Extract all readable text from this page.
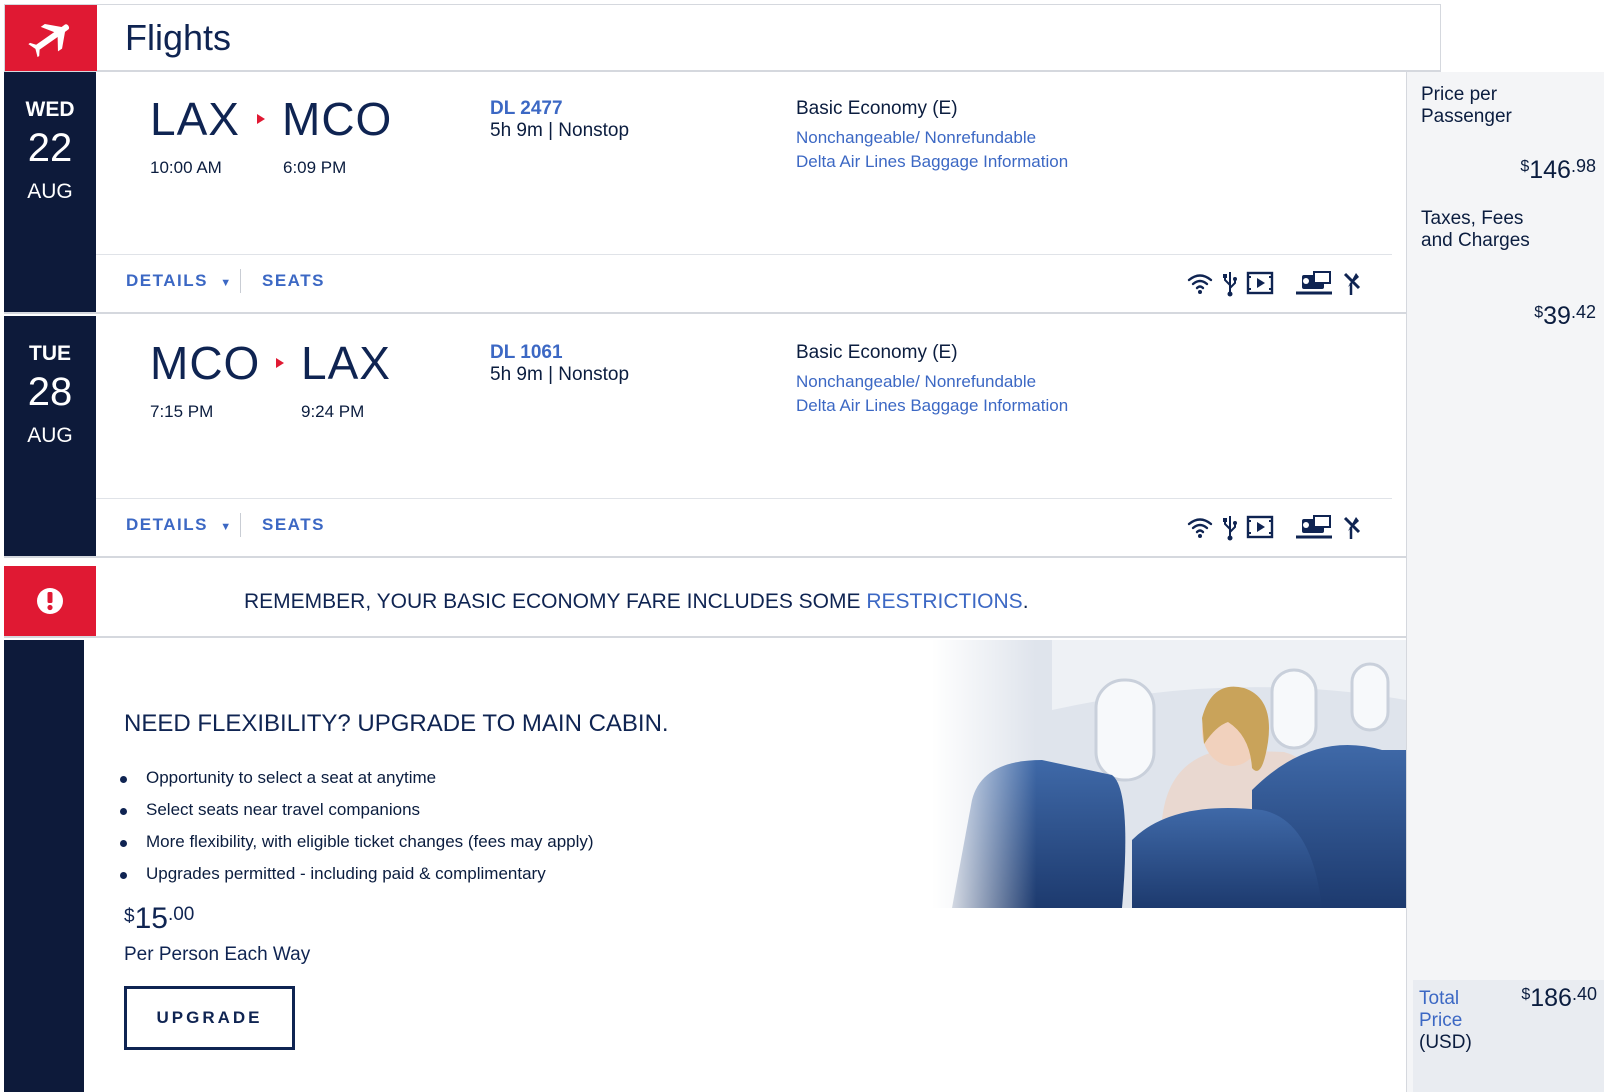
Flights
WED
22
AUG
LAX MCO
10:00 AM	6:09 PM
DL 2477
5h 9m | Nonstop
Basic Economy (E)
Nonchangeable/ Nonrefundable
Delta Air Lines Baggage Information
DETAILS ▼ SEATS
TUE
28
AUG
MCO LAX
7:15 PM	9:24 PM
DL 1061
5h 9m | Nonstop
Basic Economy (E)
Nonchangeable/ Nonrefundable
Delta Air Lines Baggage Information
DETAILS ▼ SEATS
REMEMBER, YOUR BASIC ECONOMY FARE INCLUDES SOME RESTRICTIONS.
NEED FLEXIBILITY? UPGRADE TO MAIN CABIN.
Opportunity to select a seat at anytime
Select seats near travel companions
More flexibility, with eligible ticket changes (fees may apply)
Upgrades permitted - including paid & complimentary
$^{\$}15^{.00}$
Per Person Each Way
UPGRADE
Price per Passenger
$^{\$}146^{.98}$
Taxes, Fees and Charges
$^{\$}39^{.42}$
Total
Price
(USD)
$^{\$}186^{.40}$
